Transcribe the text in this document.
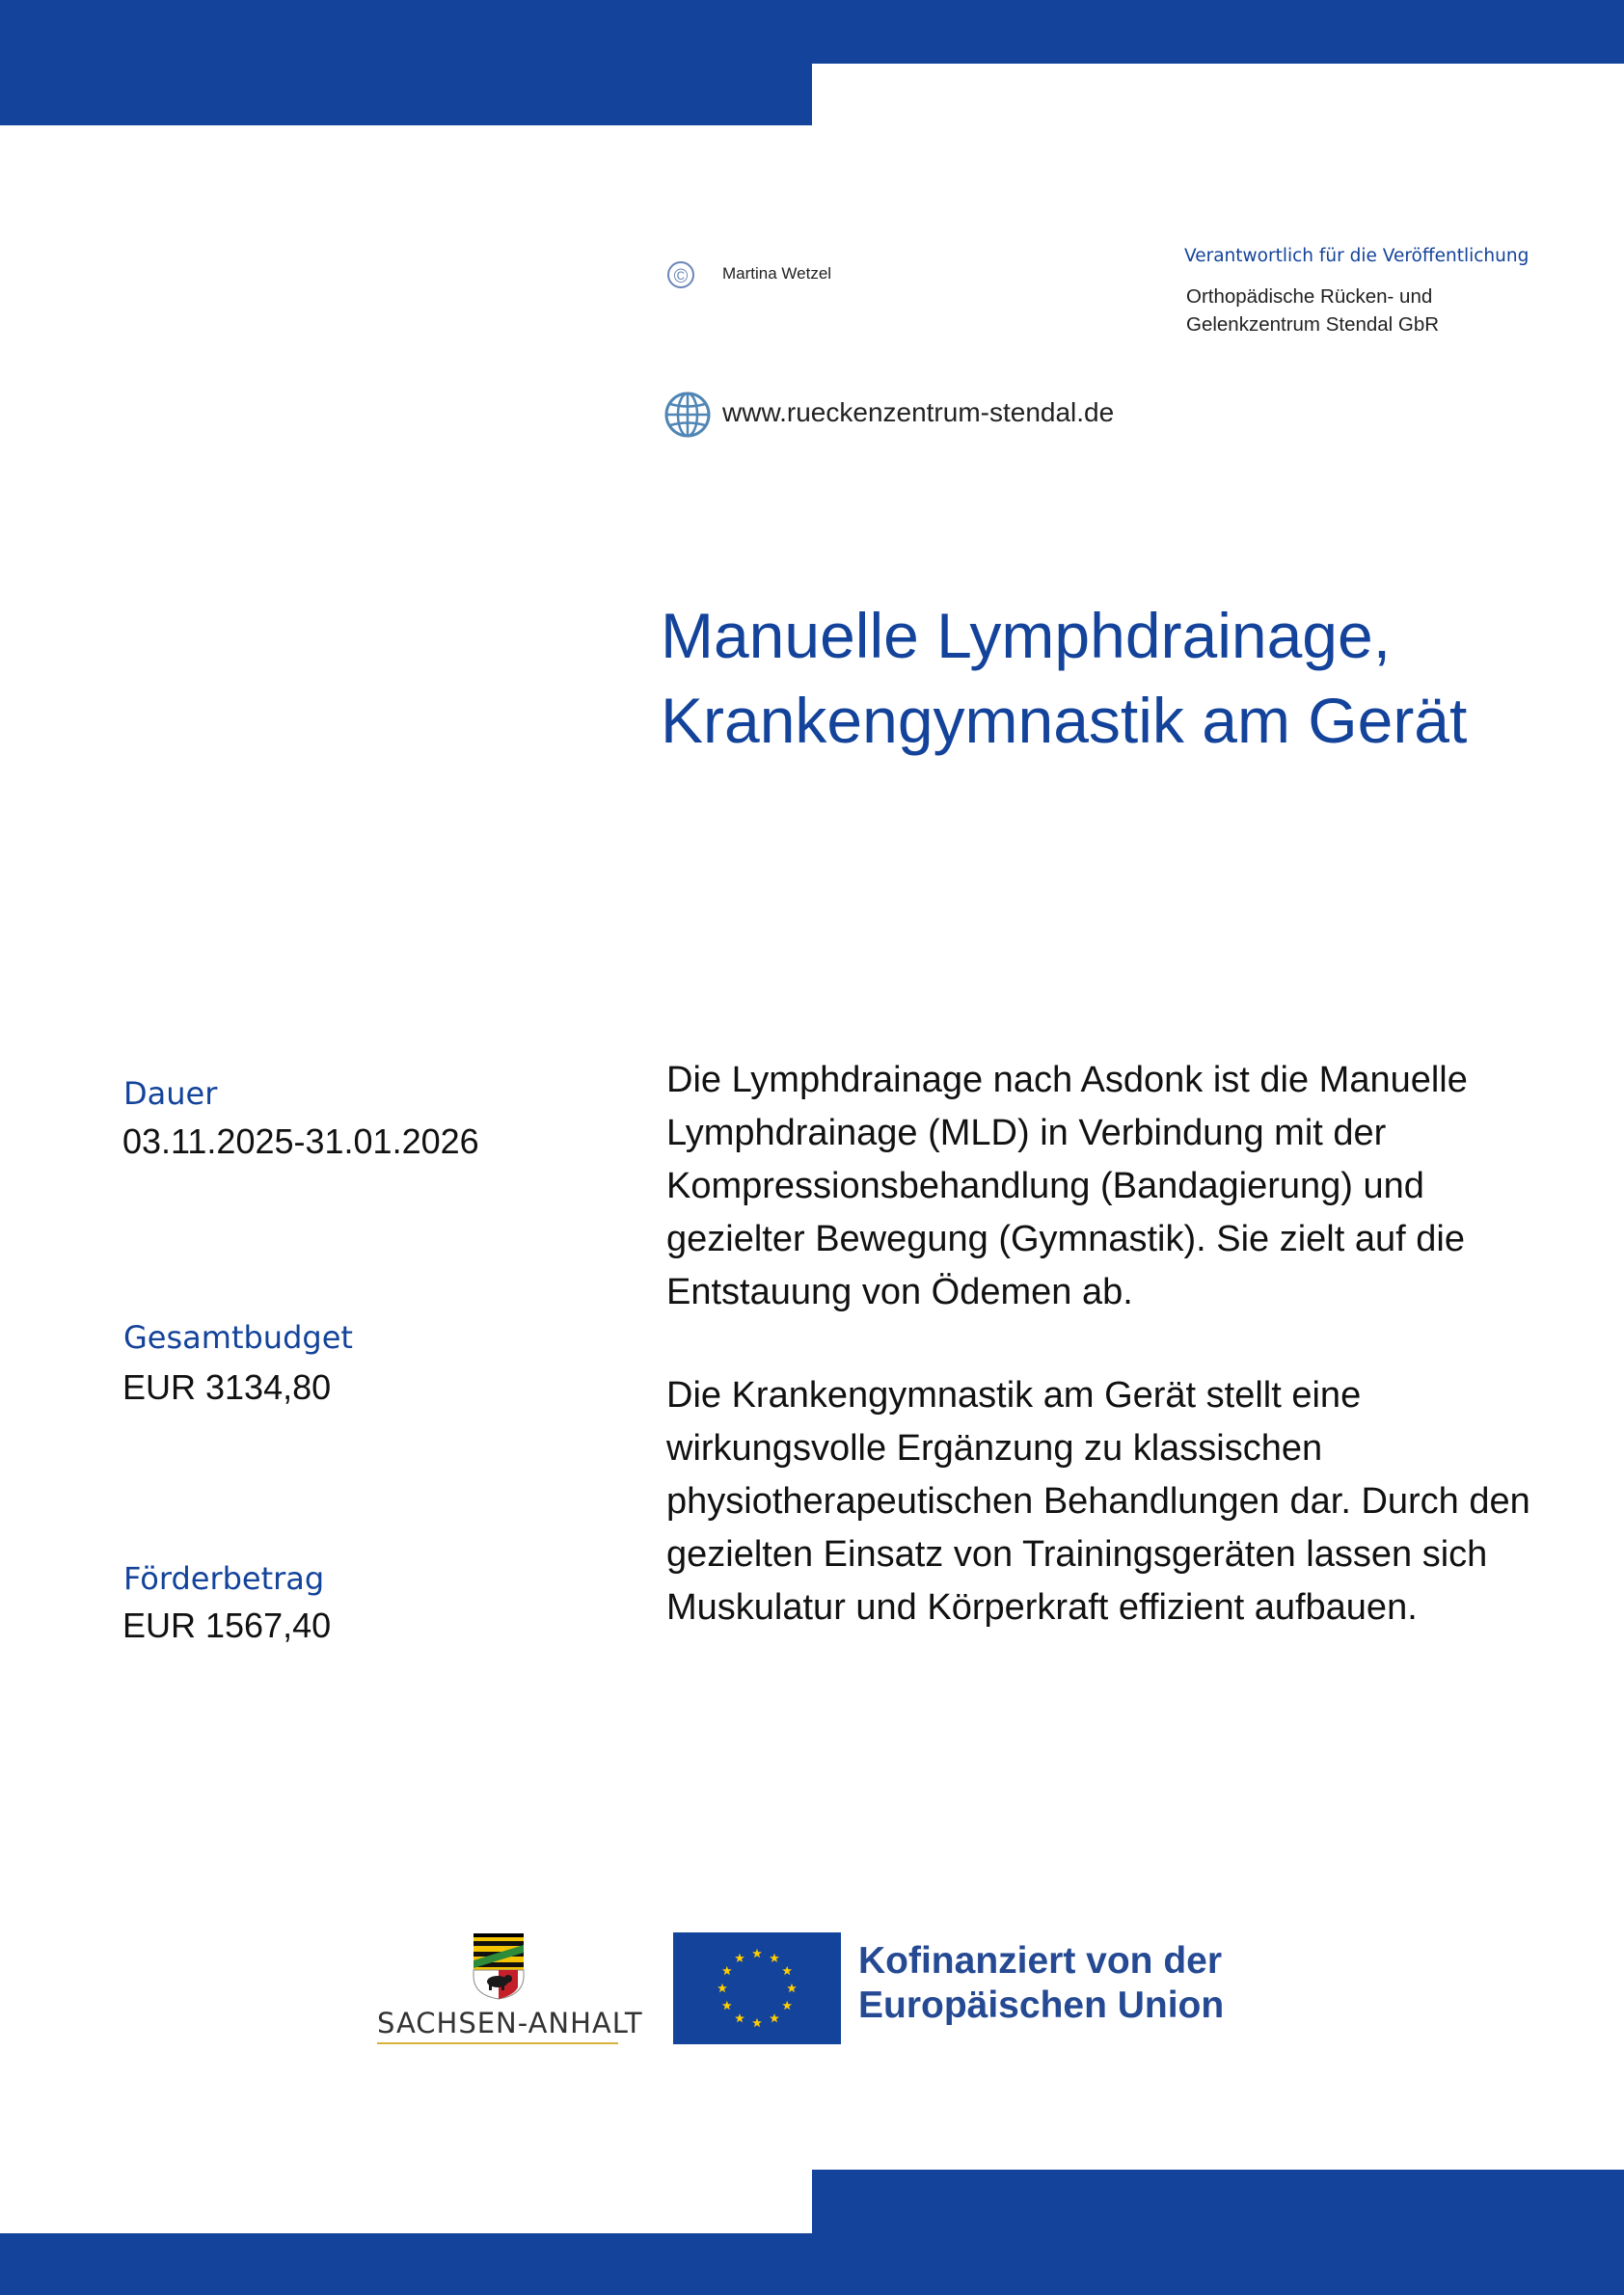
©	Martina Wetzel
Verantwortlich für die Veröffentlichung
Orthopädische Rücken- und
Gelenkzentrum Stendal GbR
www.rueckenzentrum-stendal.de
Manuelle Lymphdrainage,
Krankengymnastik am Gerät
Dauer
03.11.2025-31.01.2026
Gesamtbudget
EUR 3134,80
Förderbetrag
EUR 1567,40

Die Lymphdrainage nach Asdonk ist die Manuelle Lymphdrainage (MLD) in Verbindung mit der Kompressionsbehandlung (Bandagierung) und gezielter Bewegung (Gymnastik). Sie zielt auf die Entstauung von Ödemen ab.

Die Krankengymnastik am Gerät stellt eine wirkungsvolle Ergänzung zu klassischen physiotherapeutischen Behandlungen dar. Durch den gezielten Einsatz von Trainingsgeräten lassen sich Muskulatur und Körperkraft effizient aufbauen.

SACHSEN-ANHALT
Kofinanziert von der
Europäischen Union
